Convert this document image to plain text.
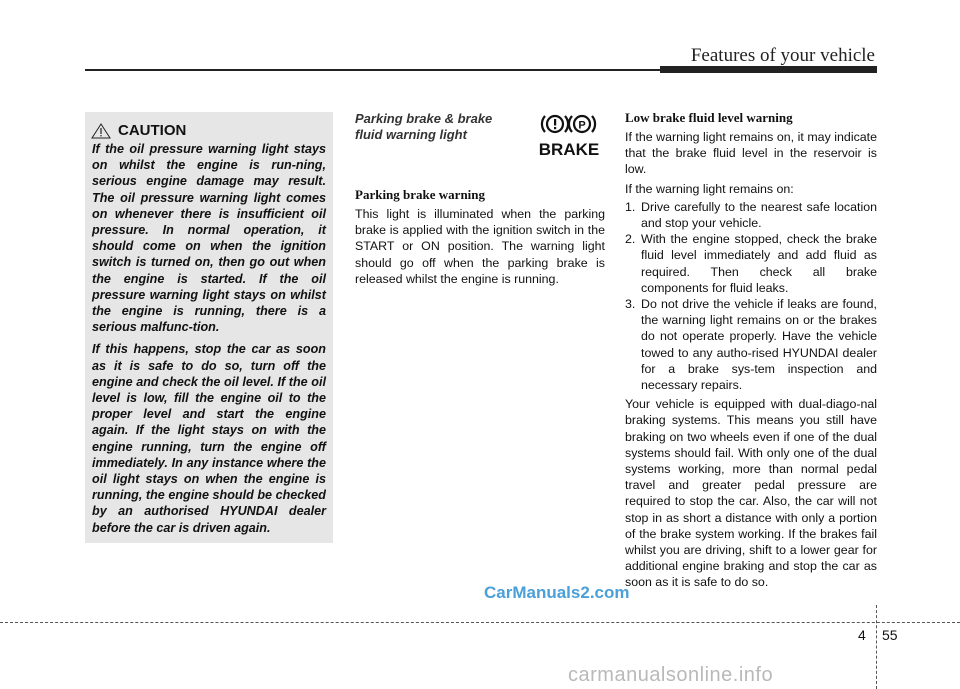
Features of your vehicle
CAUTION

If the oil pressure warning light stays on whilst the engine is run-ning, serious engine damage may result. The oil pressure warning light comes on whenever there is insufficient oil pressure. In normal operation, it should come on when the ignition switch is turned on, then go out when the engine is started. If the oil pressure warning light stays on whilst the engine is running, there is a serious malfunc-tion.

If this happens, stop the car as soon as it is safe to do so, turn off the engine and check the oil level. If the oil level is low, fill the engine oil to the proper level and start the engine again. If the light stays on with the engine running, turn the engine off immediately. In any instance where the oil light stays on when the engine is running, the engine should be checked by an authorised HYUNDAI dealer before the car is driven again.

Parking brake & brake fluid warning light
P
BRAKE
Parking brake warning
This light is illuminated when the parking brake is applied with the ignition switch in the START or ON position. The warning light should go off when the parking brake is released whilst the engine is running.
Low brake fluid level warning

If the warning light remains on, it may indicate that the brake fluid level in the reservoir is low.

If the warning light remains on:

1. Drive carefully to the nearest safe location and stop your vehicle.
2. With the engine stopped, check the brake fluid level immediately and add fluid as required. Then check all brake components for fluid leaks.
3. Do not drive the vehicle if leaks are found, the warning light remains on or the brakes do not operate properly. Have the vehicle towed to any autho-rised HYUNDAI dealer for a brake sys-tem inspection and necessary repairs.

Your vehicle is equipped with dual-diago-nal braking systems. This means you still have braking on two wheels even if one of the dual systems should fail. With only one of the dual systems working, more than normal pedal travel and greater pedal pressure are required to stop the car. Also, the car will not stop in as short a distance with only a portion of the brake system working. If the brakes fail whilst you are driving, shift to a lower gear for additional engine braking and stop the car as soon as it is safe to do so.

CarManuals2.com
4 55
carmanualsonline.info
